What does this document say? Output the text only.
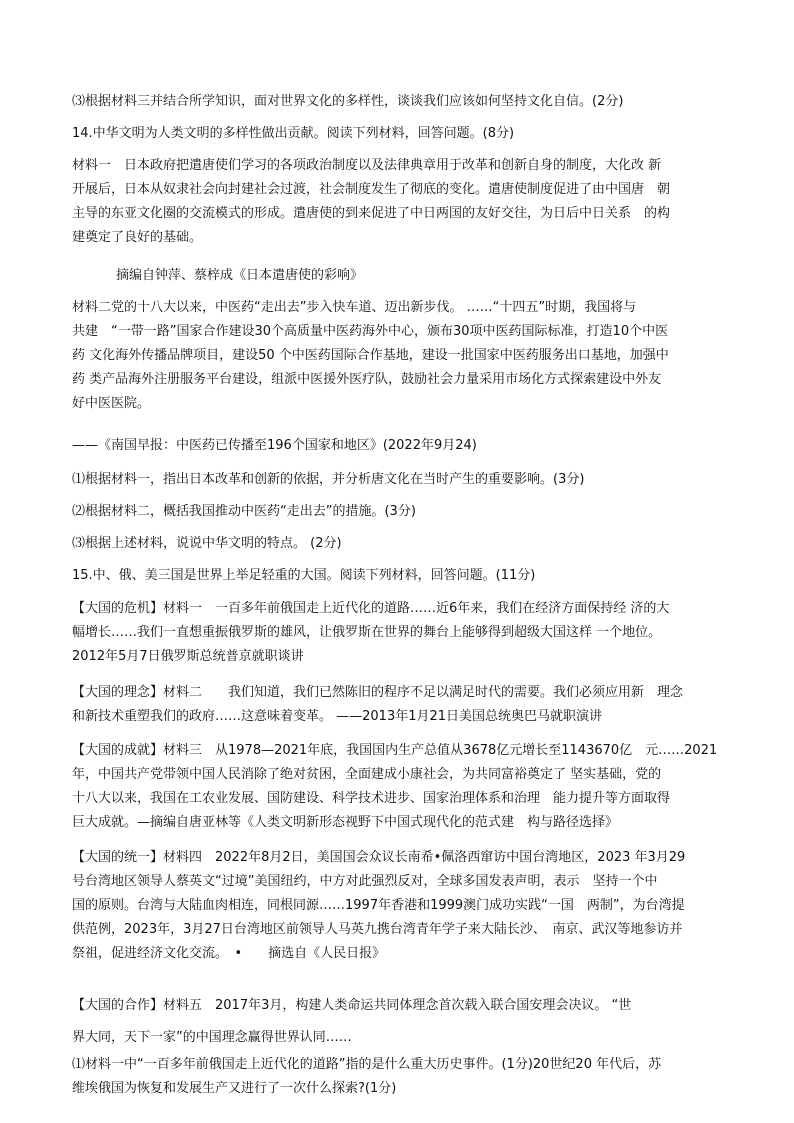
⑶根据材料三并结合所学知识，面对世界文化的多样性，谈谈我们应该如何坚持文化自信。(2分)
14.中华文明为人类文明的多样性做出贡献。阅读下列材料，回答问题。(8分)
材料一　日本政府把遣唐使们学习的各项政治制度以及法律典章用于改革和创新自身的制度，大化改 新
开展后，日本从奴隶社会向封建社会过渡，社会制度发生了彻底的变化。遣唐使制度促进了由中国唐　朝
主导的东亚文化圈的交流模式的形成。遣唐使的到来促进了中日两国的友好交往，为日后中日关系　的构
建奠定了良好的基础。
摘编自钟萍、蔡梓成《日本遣唐使的彩响》
材料二党的十八大以来，中医药“走出去”步入快车道、迈出新步伐。 ……“十四五”时期，我国将与
共建　“一带一路”国家合作建设30个高质量中医药海外中心，颁布30项中医药国际标准，打造10个中医
药 文化海外传播品牌项目，建设50 个中医药国际合作基地，建设一批国家中医药服务出口基地，加强中
药 类产品海外注册服务平台建设，组派中医援外医疗队，鼓励社会力量采用市场化方式探索建设中外友
好中医医院。
——《南国早报：中医药已传播至196个国家和地区》(2022年9月24)
⑴根据材料一，指出日本改革和创新的依据，并分析唐文化在当时产生的重要影响。(3分)
⑵根据材料二，概括我国推动中医药“走出去”的措施。(3分)
⑶根据上述材料，说说中华文明的特点。 (2分)
15.中、俄、美三国是世界上举足轻重的大国。阅读下列材料，回答问题。(11分)
【大国的危机】材料一　一百多年前俄国走上近代化的道路……近6年来，我们在经济方面保持经 济的大
幅增长……我们一直想重振俄罗斯的雄风，让俄罗斯在世界的舞台上能够得到超级大国这样 一个地位。
2012年5月7日俄罗斯总统普京就职谈讲
【大国的理念】材料二　　我们知道，我们已然陈旧的程序不足以满足时代的需要。我们必须应用新　理念
和新技术重塑我们的政府……这意味着变革。 ——2013年1月21日美国总统奥巴马就职演讲
【大国的成就】材料三　从1978—2021年底，我国国内生产总值从3678亿元增长至1143670亿　元……2021
年，中国共产党带领中国人民消除了绝对贫困，全面建成小康社会，为共同富裕奠定了 坚实基础，党的
十八大以来，我国在工农业发展、国防建设、科学技术进步、国家治理体系和治理　能力提升等方面取得
巨大成就。—摘编自唐亚林等《人类文明新形态视野下中国式现代化的范式建　构与路径选择》
【大国的统一】材料四　2022年8月2日，美国国会众议长南希•佩洛西窜访中国台湾地区，2023 年3月29
号台湾地区领导人蔡英文“过境”美国纽约，中方对此强烈反对，全球多国发表声明，表示　坚持一个中
国的原则。台湾与大陆血肉相连，同根同源……1997年香港和1999澳门成功实践“一国　两制”，为台湾提
供范例，2023年，3月27日台湾地区前领导人马英九携台湾青年学子来大陆长沙、　南京、武汉等地参访并
祭祖，促进经济文化交流。　•　　摘选自《人民日报》
【大国的合作】材料五　2017年3月，构建人类命运共同体理念首次载入联合国安理会决议。 “世
界大同，天下一家”的中国理念赢得世界认同……
⑴材料一中“一百多年前俄国走上近代化的道路”指的是什么重大历史事件。(1分)20世纪20 年代后，苏
维埃俄国为恢复和发展生产又进行了一次什么探索?(1分)
